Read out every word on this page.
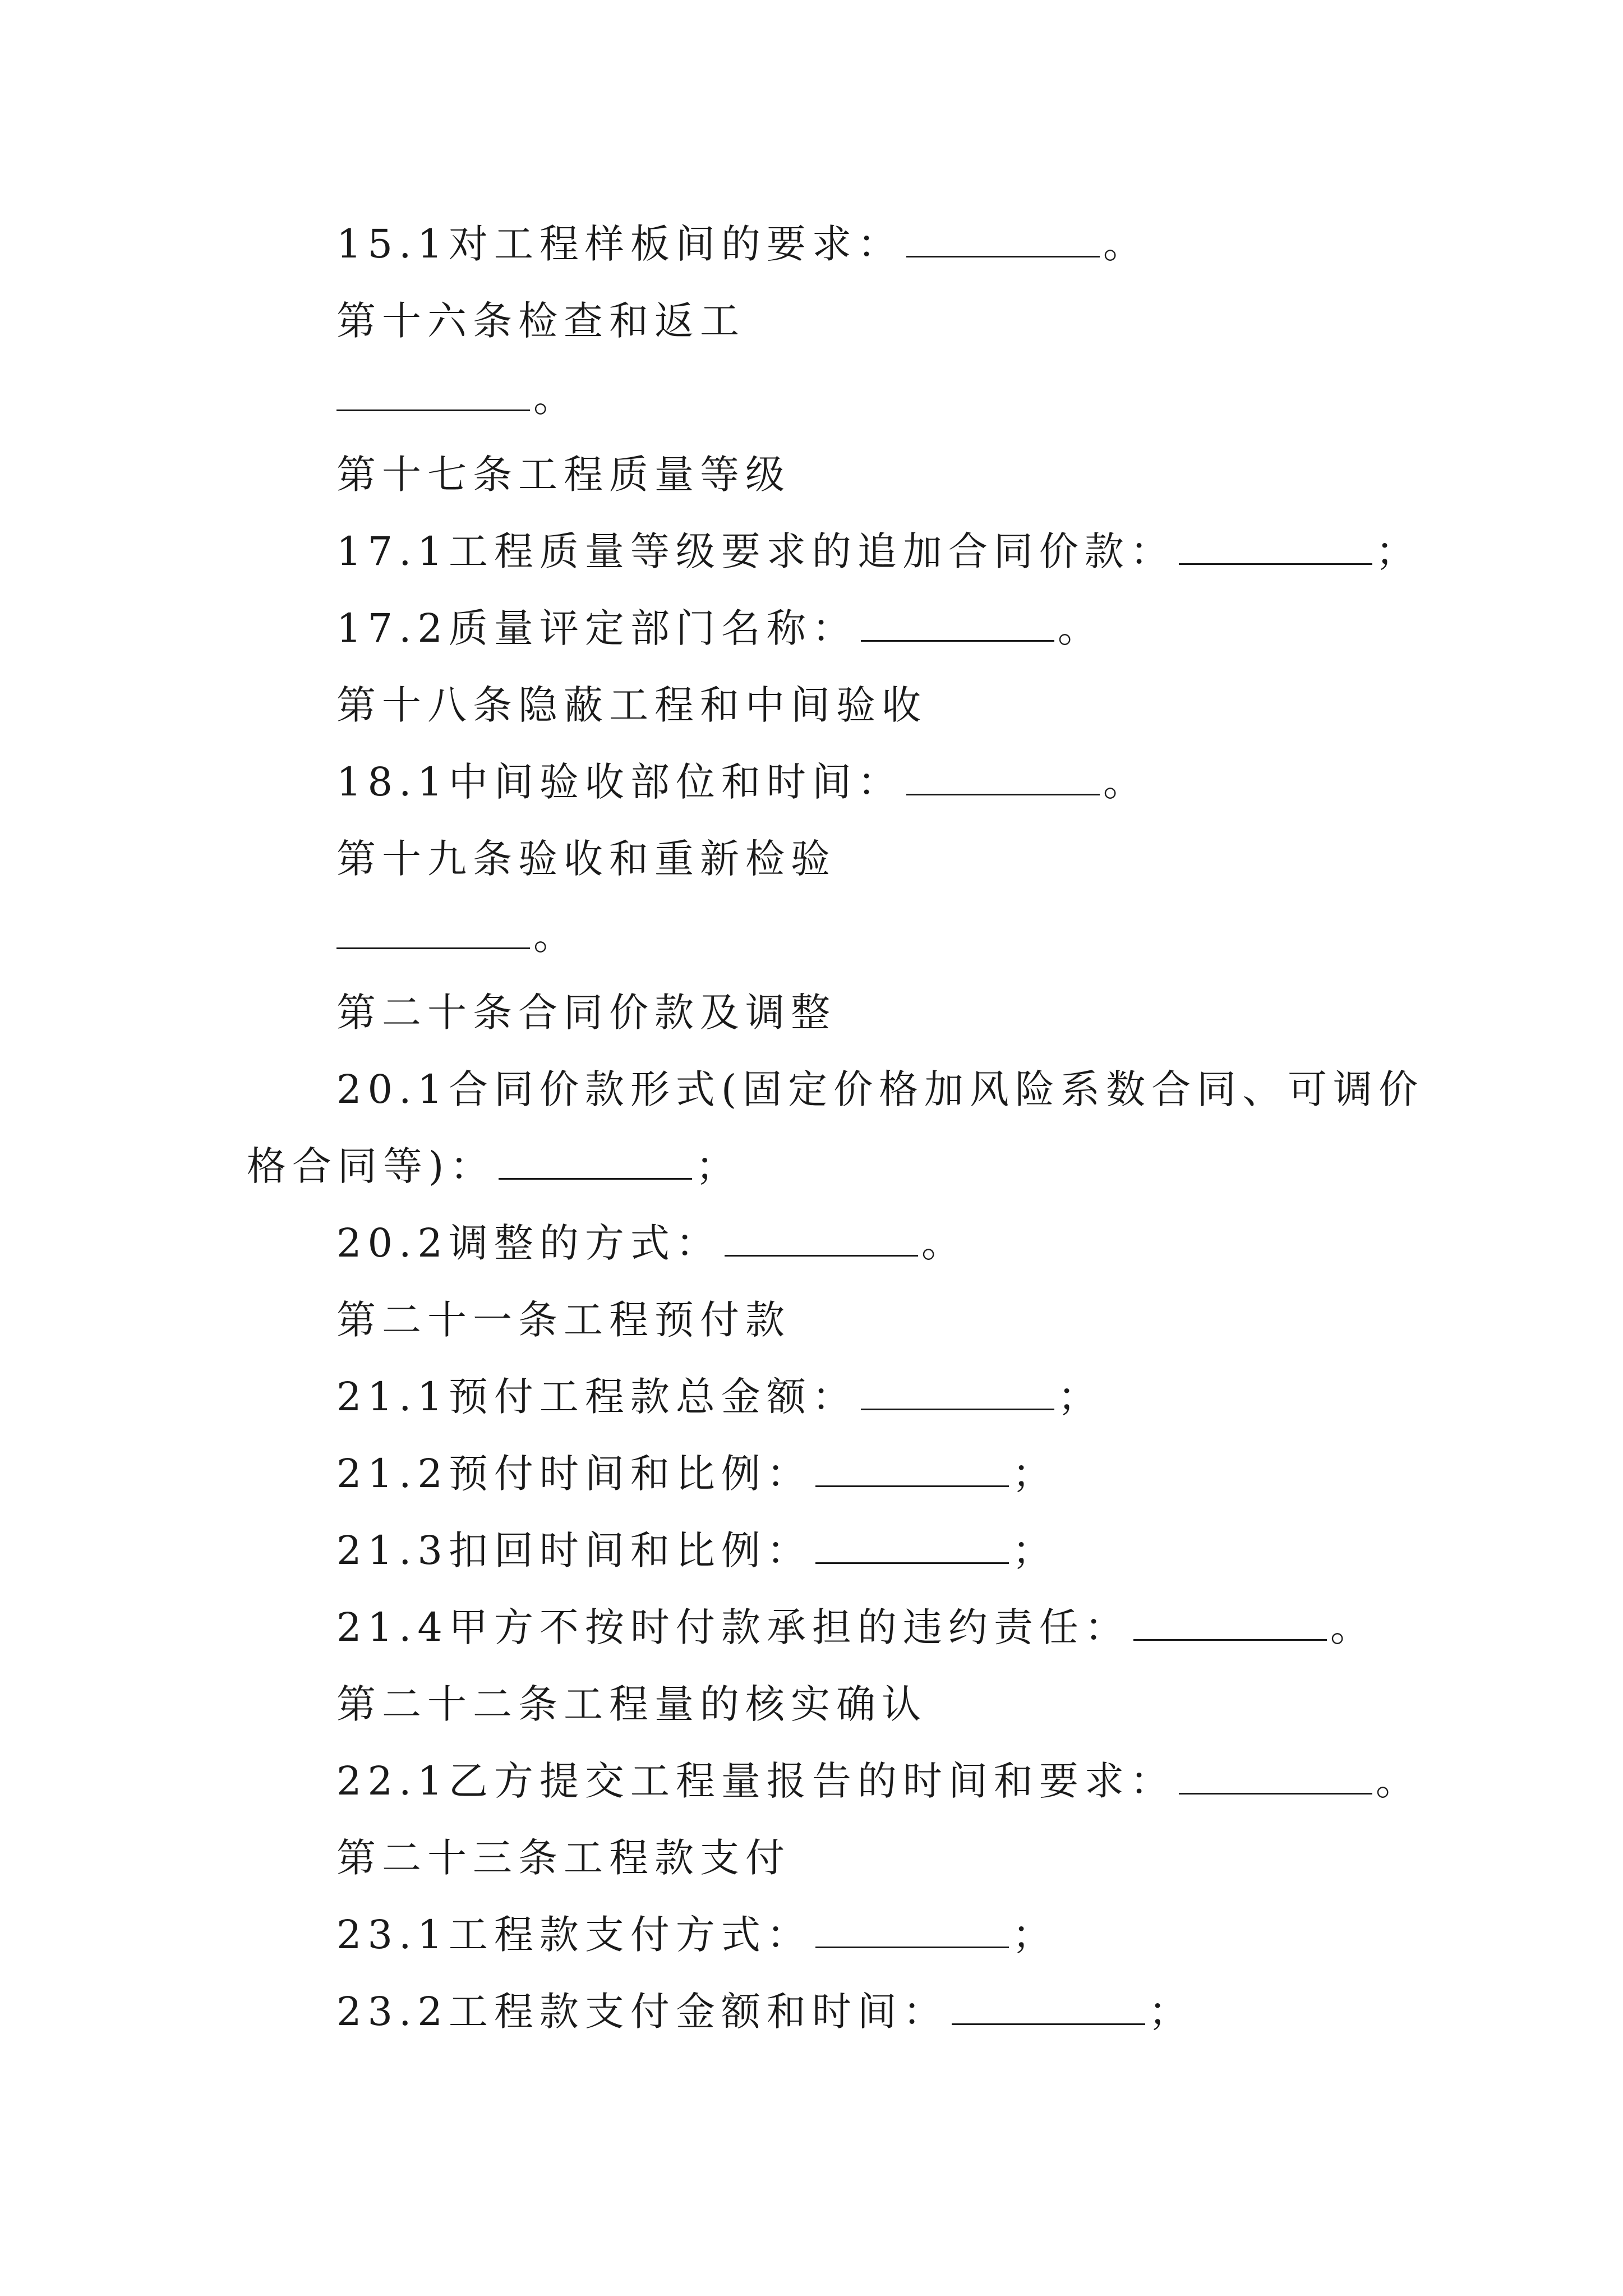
15.1对工程样板间的要求：	。
第十六条检查和返工
。
第十七条工程质量等级
17.1工程质量等级要求的追加合同价款：	；
17.2质量评定部门名称：	。
第十八条隐蔽工程和中间验收
18.1中间验收部位和时间：	。
第十九条验收和重新检验
。
第二十条合同价款及调整
20.1合同价款形式(固定价格加风险系数合同、可调价
格合同等)：	；
20.2调整的方式：	。
第二十一条工程预付款
21.1预付工程款总金额：	；
21.2预付时间和比例：	；
21.3扣回时间和比例：	；
21.4甲方不按时付款承担的违约责任：	。
第二十二条工程量的核实确认
22.1乙方提交工程量报告的时间和要求：	。
第二十三条工程款支付
23.1工程款支付方式：	；
23.2工程款支付金额和时间：	；
